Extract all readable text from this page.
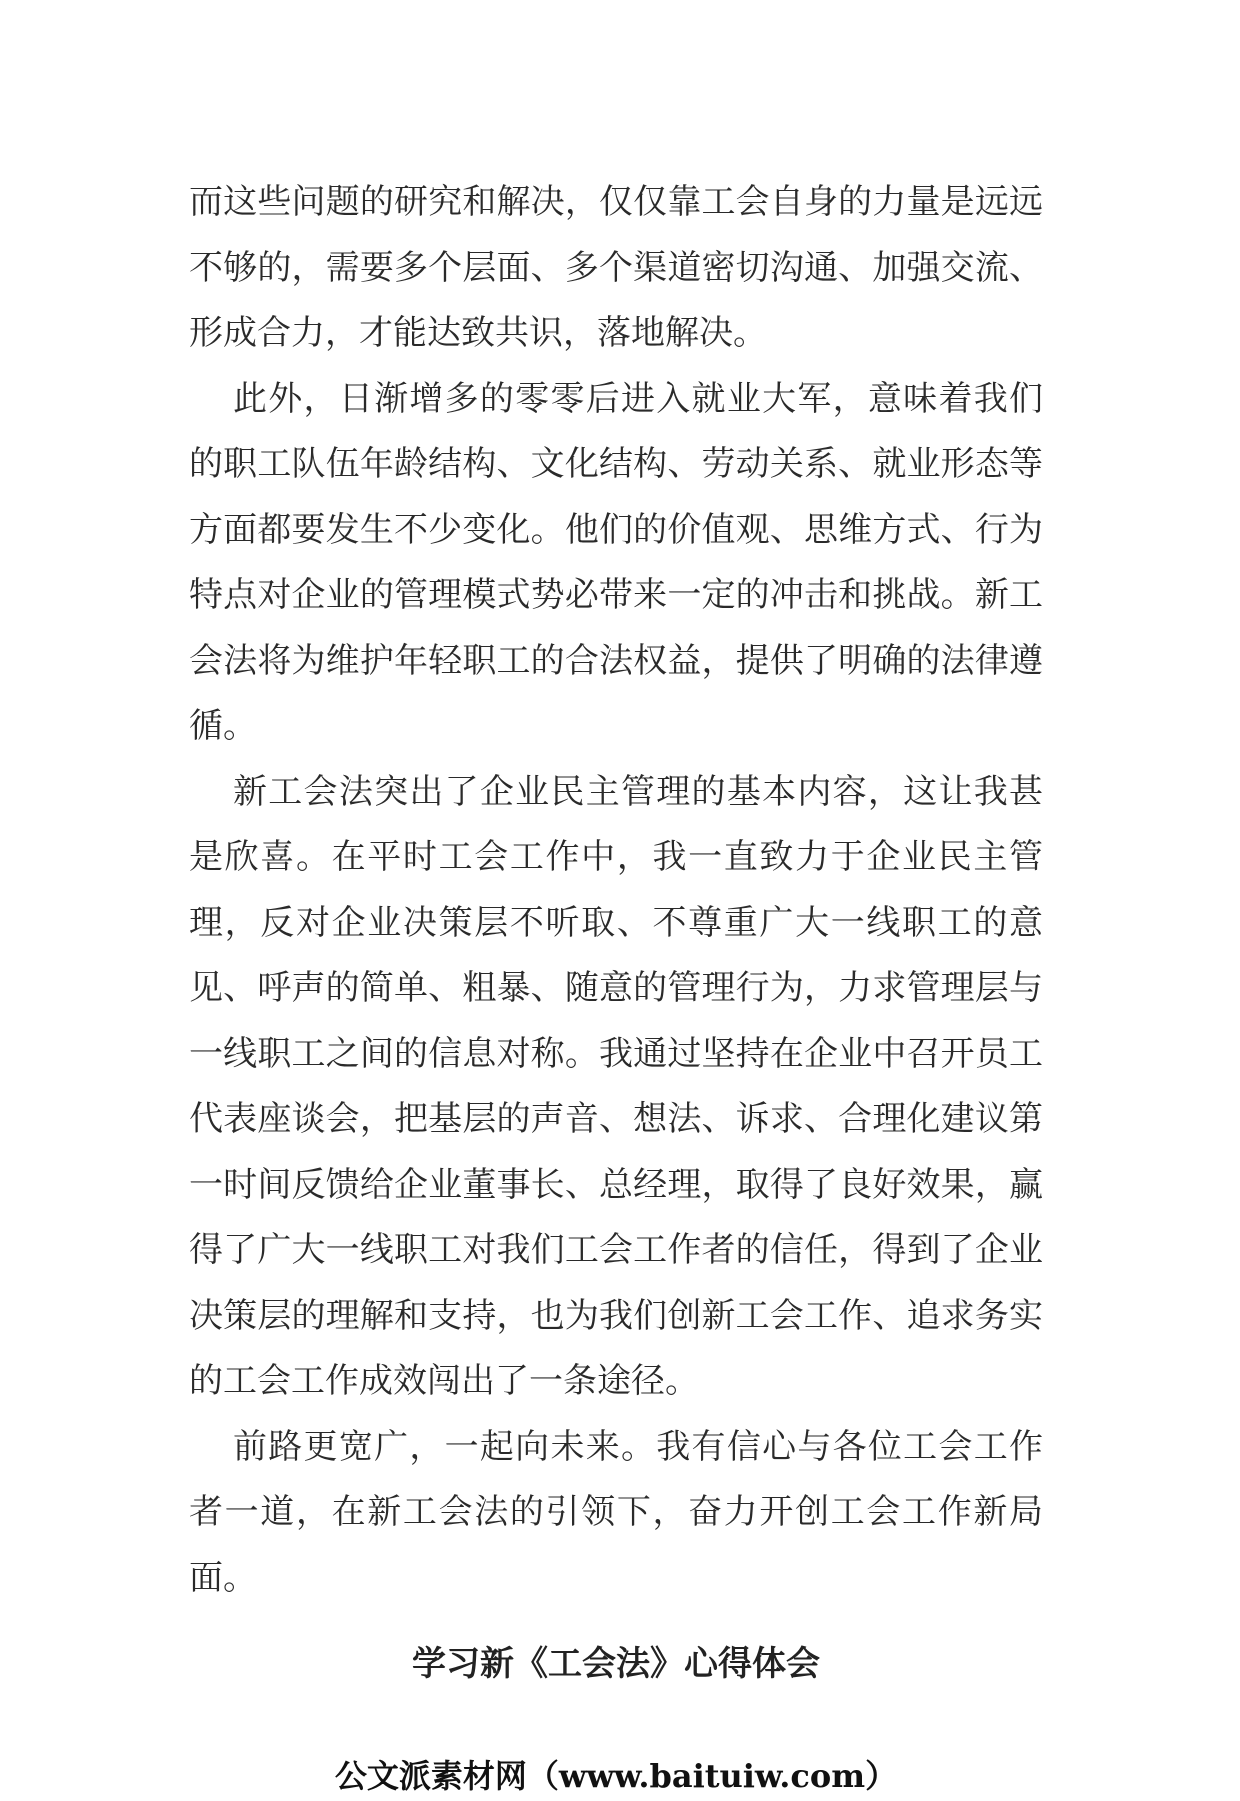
而这些问题的研究和解决，仅仅靠工会自身的力量是远远不够的，需要多个层面、多个渠道密切沟通、加强交流、形成合力，才能达致共识，落地解决。

此外，日渐增多的零零后进入就业大军，意味着我们的职工队伍年龄结构、文化结构、劳动关系、就业形态等方面都要发生不少变化。他们的价值观、思维方式、行为特点对企业的管理模式势必带来一定的冲击和挑战。新工会法将为维护年轻职工的合法权益，提供了明确的法律遵循。

新工会法突出了企业民主管理的基本内容，这让我甚是欣喜。在平时工会工作中，我一直致力于企业民主管理，反对企业决策层不听取、不尊重广大一线职工的意见、呼声的简单、粗暴、随意的管理行为，力求管理层与一线职工之间的信息对称。我通过坚持在企业中召开员工代表座谈会，把基层的声音、想法、诉求、合理化建议第一时间反馈给企业董事长、总经理，取得了良好效果，赢得了广大一线职工对我们工会工作者的信任，得到了企业决策层的理解和支持，也为我们创新工会工作、追求务实的工会工作成效闯出了一条途径。

前路更宽广，一起向未来。我有信心与各位工会工作者一道，在新工会法的引领下，奋力开创工会工作新局面。

学习新《工会法》心得体会
公文派素材网（www.baituiw.com）
